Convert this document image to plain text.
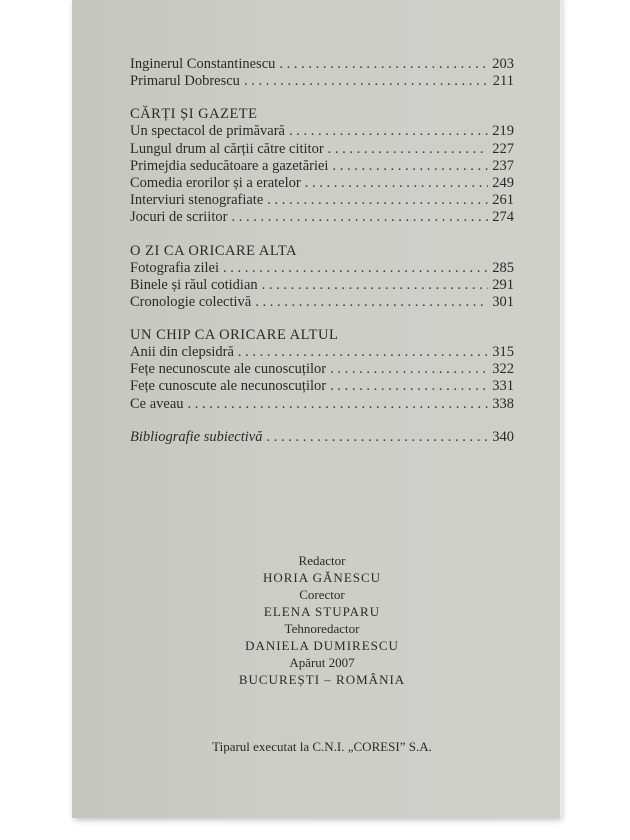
Inginerul Constantinescu . . .	203
Primarul Dobrescu . . .	211
CĂRȚI ȘI GAZETE
Un spectacol de primăvară . . .	219
Lungul drum al cărții către cititor . . .	227
Primejdia seducătoare a gazetăriei . . .	237
Comedia erorilor și a eratelor . . .	249
Interviuri stenografiate . . .	261
Jocuri de scriitor . . .	274
O ZI CA ORICARE ALTA
Fotografia zilei . . .	285
Binele și răul cotidian . . .	291
Cronologie colectivă . . .	301
UN CHIP CA ORICARE ALTUL
Anii din clepsidră . . .	315
Fețe necunoscute ale cunoscuților . . .	322
Fețe cunoscute ale necunoscuților . . .	331
Ce aveau . . .	338
Bibliografie subiectivă . . .	340
Redactor
HORIA GĂNESCU
Corector
ELENA STUPARU
Tehnoredactor
DANIELA DUMIRESCU
Apărut 2007
BUCUREȘTI – ROMÂNIA
Tiparul executat la C.N.I. „CORESI” S.A.
